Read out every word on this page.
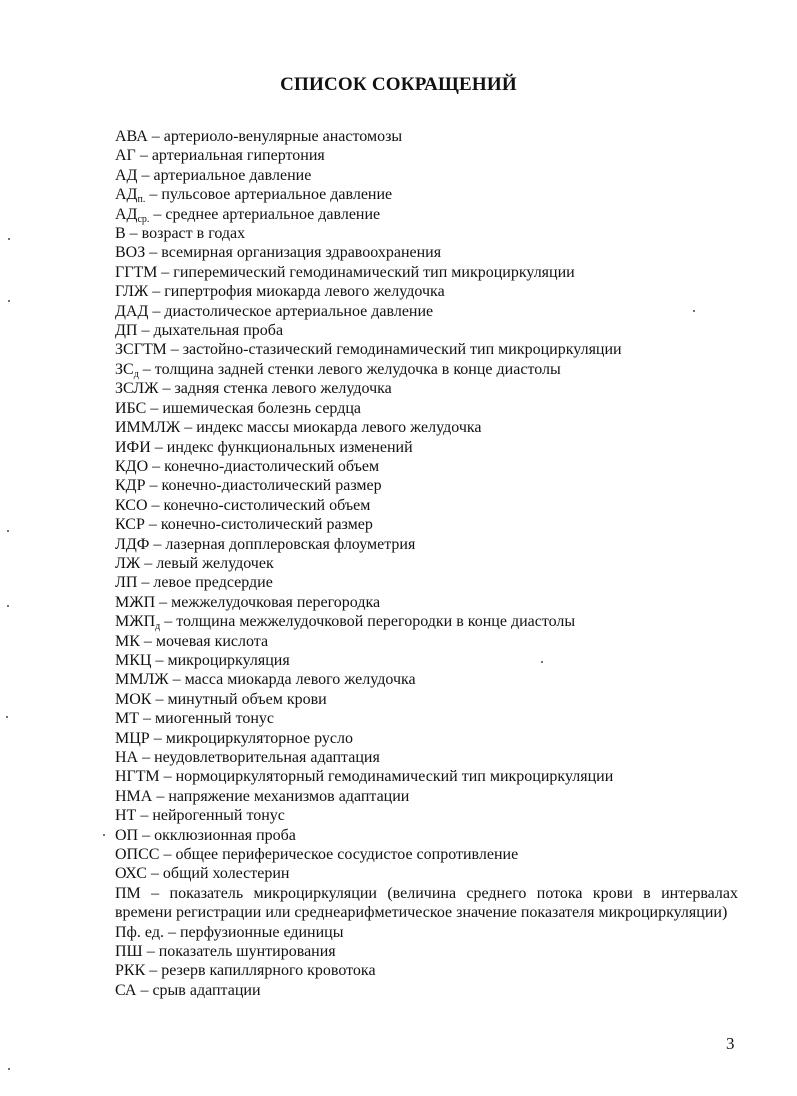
СПИСОК СОКРАЩЕНИЙ
АВА – артериоло-венулярные анастомозы
АГ – артериальная гипертония
АД – артериальное давление
$АД_{п.}$ – пульсовое артериальное давление
$АД_{ср.}$ – среднее артериальное давление
В – возраст в годах
ВОЗ – всемирная организация здравоохранения
ГГТМ – гиперемический гемодинамический тип микроциркуляции
ГЛЖ – гипертрофия миокарда левого желудочка
ДАД – диастолическое артериальное давление
ДП – дыхательная проба
ЗСГТМ – застойно-стазический гемодинамический тип микроциркуляции
$ЗС_д$ – толщина задней стенки левого желудочка в конце диастолы
ЗСЛЖ – задняя стенка левого желудочка
ИБС – ишемическая болезнь сердца
ИММЛЖ – индекс массы миокарда левого желудочка
ИФИ – индекс функциональных изменений
КДО – конечно-диастолический объем
КДР – конечно-диастолический размер
КСО – конечно-систолический объем
КСР – конечно-систолический размер
ЛДФ – лазерная допплеровская флоуметрия
ЛЖ – левый желудочек
ЛП – левое предсердие
МЖП – межжелудочковая перегородка
$МЖП_д$ – толщина межжелудочковой перегородки в конце диастолы
МК – мочевая кислота
МКЦ – микроциркуляция
ММЛЖ – масса миокарда левого желудочка
МОК – минутный объем крови
МТ – миогенный тонус
МЦР – микроциркуляторное русло
НА – неудовлетворительная адаптация
НГТМ – нормоциркуляторный гемодинамический тип микроциркуляции
НМА – напряжение механизмов адаптации
НТ – нейрогенный тонус
ОП – окклюзионная проба
ОПСС – общее периферическое сосудистое сопротивление
ОХС – общий холестерин
ПМ – показатель микроциркуляции (величина среднего потока крови в интервалах времени регистрации или среднеарифметическое значение показателя микроциркуляции)
Пф. ед. – перфузионные единицы
ПШ – показатель шунтирования
РКК – резерв капиллярного кровотока
СА – срыв адаптации
3
